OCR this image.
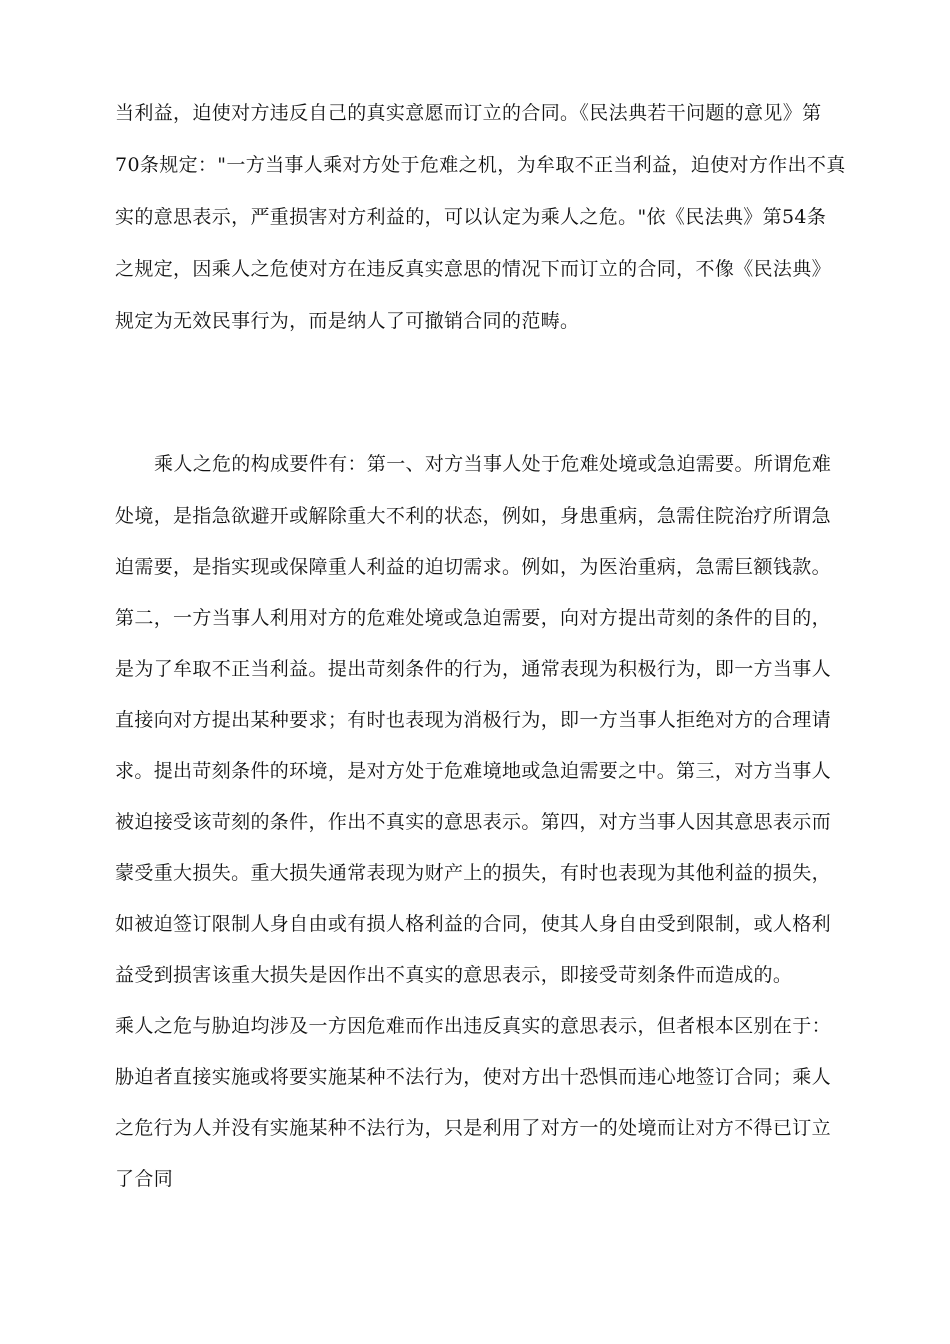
当利益，迫使对方违反自己的真实意愿而订立的合同。《民法典若干问题的意见》第
70条规定："一方当事人乘对方处于危难之机，为牟取不正当利益，迫使对方作出不真
实的意思表示，严重损害对方利益的，可以认定为乘人之危。"依《民法典》第54条
之规定，因乘人之危使对方在违反真实意思的情况下而订立的合同，不像《民法典》
规定为无效民事行为，而是纳人了可撤销合同的范畴。
乘人之危的构成要件有：第一、对方当事人处于危难处境或急迫需要。所谓危难
处境，是指急欲避开或解除重大不利的状态，例如，身患重病，急需住院治疗所谓急
迫需要，是指实现或保障重人利益的迫切需求。例如，为医治重病，急需巨额钱款。
第二，一方当事人利用对方的危难处境或急迫需要，向对方提出苛刻的条件的目的，
是为了牟取不正当利益。提出苛刻条件的行为，通常表现为积极行为，即一方当事人
直接向对方提出某种要求；有时也表现为消极行为，即一方当事人拒绝对方的合理请
求。提出苛刻条件的环境，是对方处于危难境地或急迫需要之中。第三，对方当事人
被迫接受该苛刻的条件，作出不真实的意思表示。第四，对方当事人因其意思表示而
蒙受重大损失。重大损失通常表现为财产上的损失，有时也表现为其他利益的损失，
如被迫签订限制人身自由或有损人格利益的合同，使其人身自由受到限制，或人格利
益受到损害该重大损失是因作出不真实的意思表示，即接受苛刻条件而造成的。
乘人之危与胁迫均涉及一方因危难而作出违反真实的意思表示，但者根本区别在于：
胁迫者直接实施或将要实施某种不法行为，使对方出十恐惧而违心地签订合同；乘人
之危行为人并没有实施某种不法行为，只是利用了对方一的处境而让对方不得已订立
了合同
